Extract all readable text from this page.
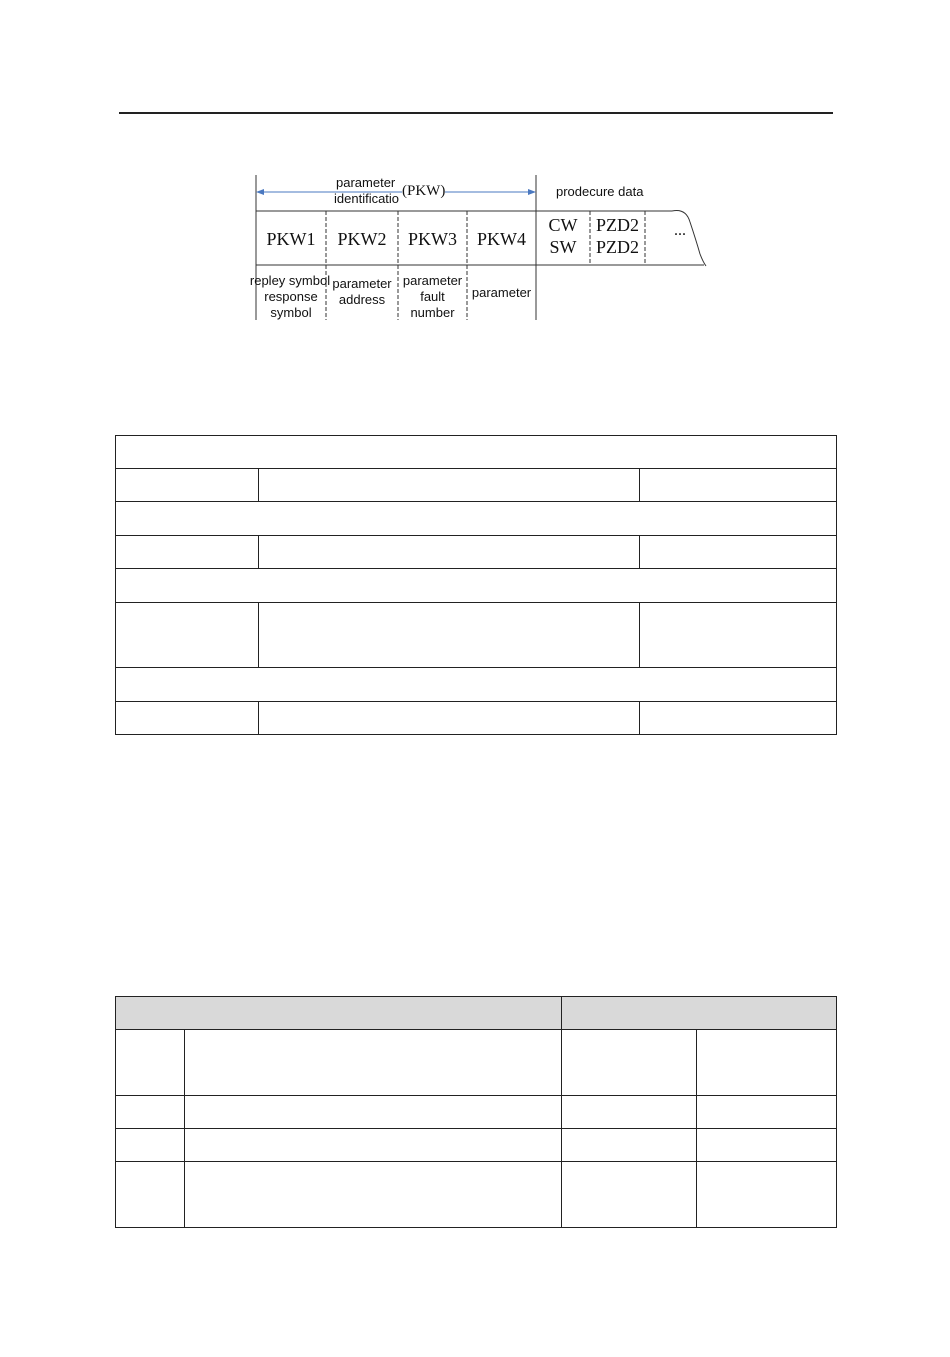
parameter
identificatio (PKW)	prodecure data
PKW1	PKW2	PKW3	PKW4
CW
SW
PZD2
PZD2
...
repley symbol
response
symbol
parameter
address
parameter
fault
number
parameter
